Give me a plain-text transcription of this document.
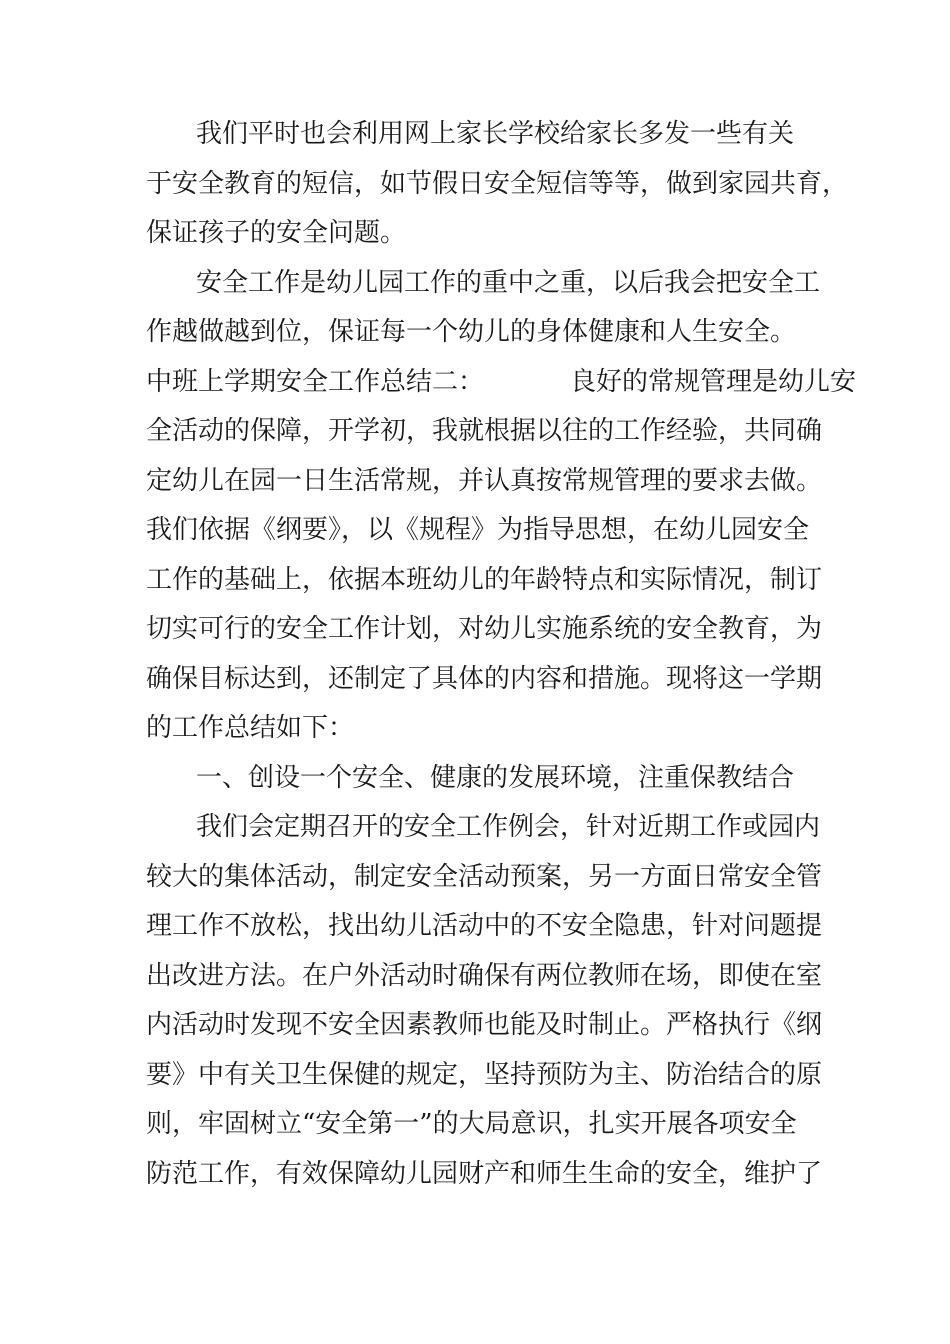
我们平时也会利用网上家长学校给家长多发一些有关
于安全教育的短信，如节假日安全短信等等，做到家园共育，
保证孩子的安全问题。
安全工作是幼儿园工作的重中之重，以后我会把安全工
作越做越到位，保证每一个幼儿的身体健康和人生安全。
中班上学期安全工作总结二：	良好的常规管理是幼儿安
全活动的保障，开学初，我就根据以往的工作经验，共同确
定幼儿在园一日生活常规，并认真按常规管理的要求去做。
我们依据《纲要》，以《规程》为指导思想，在幼儿园安全
工作的基础上，依据本班幼儿的年龄特点和实际情况，制订
切实可行的安全工作计划，对幼儿实施系统的安全教育，为
确保目标达到，还制定了具体的内容和措施。现将这一学期
的工作总结如下：
一、创设一个安全、健康的发展环境，注重保教结合
我们会定期召开的安全工作例会，针对近期工作或园内
较大的集体活动，制定安全活动预案，另一方面日常安全管
理工作不放松，找出幼儿活动中的不安全隐患，针对问题提
出改进方法。在户外活动时确保有两位教师在场，即使在室
内活动时发现不安全因素教师也能及时制止。严格执行《纲
要》中有关卫生保健的规定，坚持预防为主、防治结合的原
则，牢固树立“安全第一”的大局意识，扎实开展各项安全
防范工作，有效保障幼儿园财产和师生生命的安全，维护了
